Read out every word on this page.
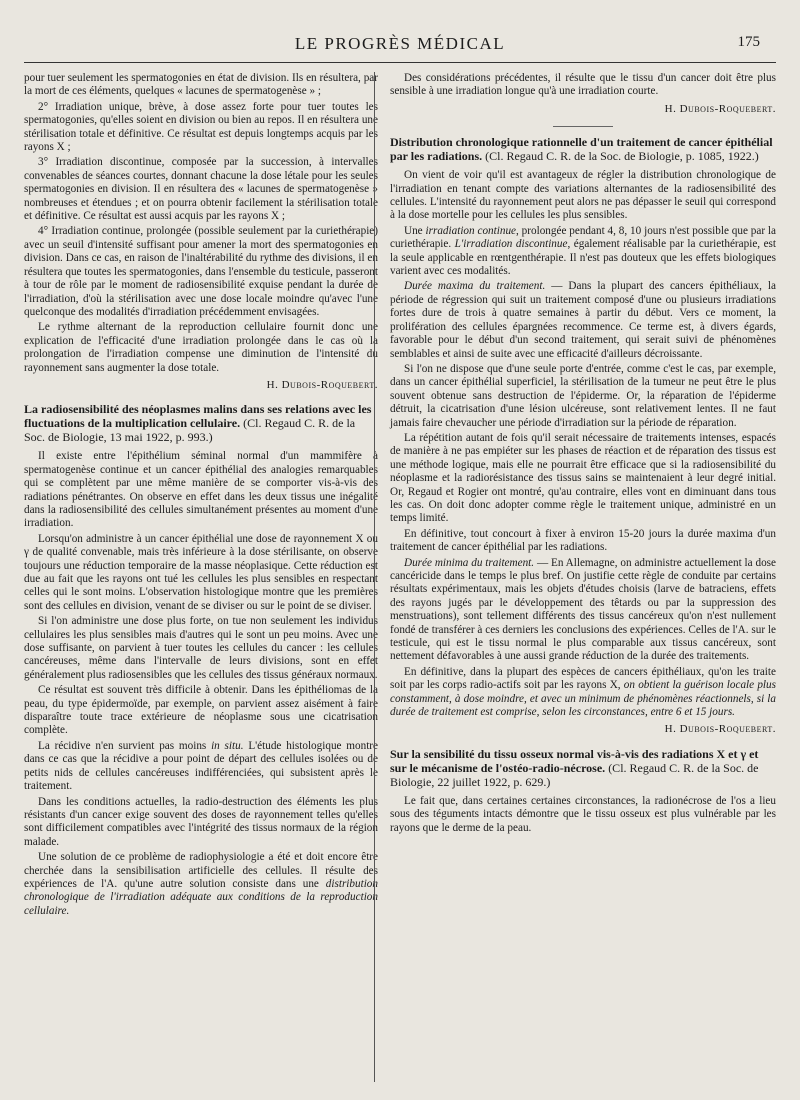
LE PROGRÈS MÉDICAL	175

pour tuer seulement les spermatogonies en état de division. Ils en résultera, par la mort de ces éléments, quelques « lacunes de spermatogenèse » ;

2° Irradiation unique, brève, à dose assez forte pour tuer toutes les spermatogonies, qu'elles soient en division ou bien au repos. Il en résultera une stérilisation totale et définitive. Ce résultat est depuis longtemps acquis par les rayons X ;

3° Irradiation discontinue, composée par la succession, à intervalles convenables de séances courtes, donnant chacune la dose létale pour les seules spermatogonies en division. Il en résultera des « lacunes de spermatogenèse » nombreuses et étendues ; et on pourra obtenir facilement la stérilisation totale et définitive. Ce résultat est aussi acquis par les rayons X ;

4° Irradiation continue, prolongée (possible seulement par la curiethérapie) avec un seuil d'intensité suffisant pour amener la mort des spermatogonies en division. Dans ce cas, en raison de l'inaltérabilité du rythme des divisions, il en résultera que toutes les spermatogonies, dans l'ensemble du testicule, passeront à tour de rôle par le moment de radiosensibilité exquise pendant la durée de l'irradiation, d'où la stérilisation avec une dose locale moindre qu'avec l'une quelconque des modalités d'irradiation précédemment envisagées.

Le rythme alternant de la reproduction cellulaire fournit donc une explication de l'efficacité d'une irradiation prolongée dans le cas où la prolongation de l'irradiation compense une diminution de l'intensité du rayonnement sans augmenter la dose totale.

H. Dubois-Roquebert.
La radiosensibilité des néoplasmes malins dans ses relations avec les fluctuations de la multiplication cellulaire. (Cl. Regaud C. R. de la Soc. de Biologie, 13 mai 1922, p. 993.)

Il existe entre l'épithélium séminal normal d'un mammifère à spermatogenèse continue et un cancer épithélial des analogies remarquables qui se complètent par une même manière de se comporter vis-à-vis des radiations pénétrantes. On observe en effet dans les deux tissus une inégalité dans la radiosensibilité des cellules simultanément présentes au moment d'une irradiation.

Lorsqu'on administre à un cancer épithélial une dose de rayonnement X ou γ de qualité convenable, mais très inférieure à la dose stérilisante, on observe toujours une réduction temporaire de la masse néoplasique. Cette réduction est due au fait que les rayons ont tué les cellules les plus sensibles en respectant celles qui le sont moins. L'observation histologique montre que les premières sont des cellules en division, venant de se diviser ou sur le point de se diviser.

Si l'on administre une dose plus forte, on tue non seulement les individus cellulaires les plus sensibles mais d'autres qui le sont un peu moins. Avec une dose suffisante, on parvient à tuer toutes les cellules du cancer : les cellules cancéreuses, même dans l'intervalle de leurs divisions, sont en effet généralement plus radiosensibles que les cellules des tissus généraux normaux.

Ce résultat est souvent très difficile à obtenir. Dans les épithéliomas de la peau, du type épidermoïde, par exemple, on parvient assez aisément à faire disparaître toute trace extérieure de néoplasme sous une cicatrisation complète.

La récidive n'en survient pas moins in situ. L'étude histologique montre dans ce cas que la récidive a pour point de départ des cellules isolées ou de petits nids de cellules cancéreuses indifférenciées, qui subsistent après le traitement.

Dans les conditions actuelles, la radio-destruction des éléments les plus résistants d'un cancer exige souvent des doses de rayonnement telles qu'elles sont difficilement compatibles avec l'intégrité des tissus normaux de la région malade.

Une solution de ce problème de radiophysiologie a été et doit encore être cherchée dans la sensibilisation artificielle des cellules. Il résulte des expériences de l'A. qu'une autre solution consiste dans une distribution chronologique de l'irradiation adéquate aux conditions de la reproduction cellulaire.

Des considérations précédentes, il résulte que le tissu d'un cancer doit être plus sensible à une irradiation longue qu'à une irradiation courte.

H. Dubois-Roquebert.
Distribution chronologique rationnelle d'un traitement de cancer épithélial par les radiations. (Cl. Regaud C. R. de la Soc. de Biologie, p. 1085, 1922.)

On vient de voir qu'il est avantageux de régler la distribution chronologique de l'irradiation en tenant compte des variations alternantes de la radiosensibilité des cellules. L'intensité du rayonnement peut alors ne pas dépasser le seuil qui correspond à la dose mortelle pour les cellules les plus sensibles.

Une irradiation continue, prolongée pendant 4, 8, 10 jours n'est possible que par la curiethérapie. L'irradiation discontinue, également réalisable par la curiethérapie, est la seule applicable en rœntgenthérapie. Il n'est pas douteux que les effets biologiques varient avec ces modalités.

Durée maxima du traitement. — Dans la plupart des cancers épithéliaux, la période de régression qui suit un traitement composé d'une ou plusieurs irradiations fortes dure de trois à quatre semaines à partir du début. Vers ce moment, la prolifération des cellules épargnées recommence. Ce terme est, à divers égards, favorable pour le début d'un second traitement, qui serait suivi de phénomènes semblables et ainsi de suite avec une efficacité d'ailleurs décroissante.

Si l'on ne dispose que d'une seule porte d'entrée, comme c'est le cas, par exemple, dans un cancer épithélial superficiel, la stérilisation de la tumeur ne peut être le plus souvent obtenue sans destruction de l'épiderme. Or, la réparation de l'épiderme détruit, la cicatrisation d'une lésion ulcéreuse, sont relativement lentes. Il ne faut jamais faire chevaucher une période d'irradiation sur la période de réparation.

La répétition autant de fois qu'il serait nécessaire de traitements intenses, espacés de manière à ne pas empiéter sur les phases de réaction et de réparation des tissus est une méthode logique, mais elle ne pourrait être efficace que si la radiosensibilité du néoplasme et la radiorésistance des tissus sains se maintenaient à leur degré initial. Or, Regaud et Rogier ont montré, qu'au contraire, elles vont en diminuant dans tous les cas. On doit donc adopter comme règle le traitement unique, administré en un temps limité.

En définitive, tout concourt à fixer à environ 15-20 jours la durée maxima d'un traitement de cancer épithélial par les radiations.

Durée minima du traitement. — En Allemagne, on administre actuellement la dose cancéricide dans le temps le plus bref. On justifie cette règle de conduite par certains résultats expérimentaux, mais les objets d'études choisis (larve de batraciens, effets des rayons jugés par le développement des têtards ou par la suppression des menstruations), sont tellement différents des tissus cancéreux qu'on n'est nullement fondé de transférer à ces derniers les conclusions des expériences. Celles de l'A. sur le testicule, qui est le tissu normal le plus comparable aux tissus cancéreux, sont nettement défavorables à une aussi grande réduction de la durée des traitements.

En définitive, dans la plupart des espèces de cancers épithéliaux, qu'on les traite soit par les corps radio-actifs soit par les rayons X, on obtient la guérison locale plus constamment, à dose moindre, et avec un minimum de phénomènes réactionnels, si la durée de traitement est comprise, selon les circonstances, entre 6 et 15 jours.

H. Dubois-Roquebert.
Sur la sensibilité du tissu osseux normal vis-à-vis des radiations X et γ et sur le mécanisme de l'ostéo-radio-nécrose. (Cl. Regaud C. R. de la Soc. de Biologie, 22 juillet 1922, p. 629.)

Le fait que, dans certaines certaines circonstances, la radionécrose de l'os a lieu sous des téguments intacts démontre que le tissu osseux est plus vulnérable par les rayons que le derme de la peau.
